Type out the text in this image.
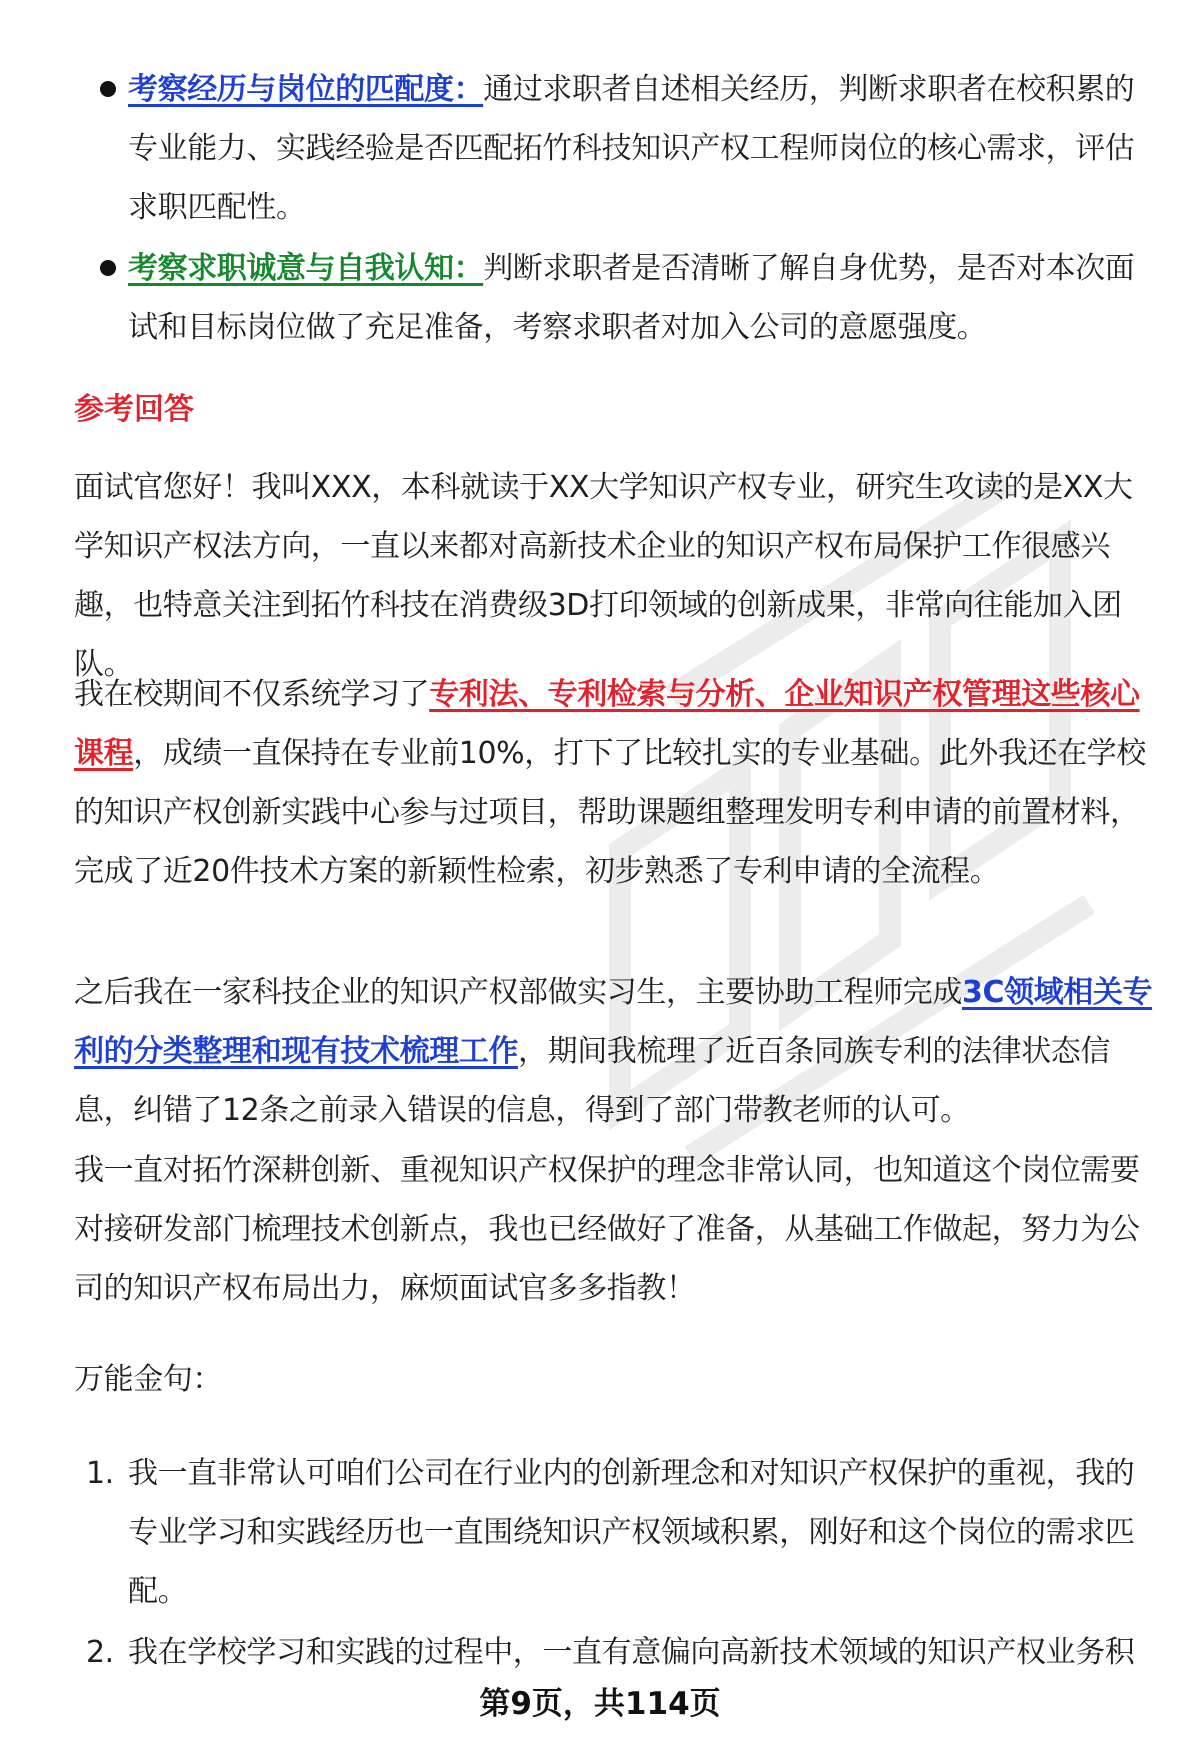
考察经历与岗位的匹配度：通过求职者自述相关经历，判断求职者在校积累的专业能力、实践经验是否匹配拓竹科技知识产权工程师岗位的核心需求，评估求职匹配性。
考察求职诚意与自我认知：判断求职者是否清晰了解自身优势，是否对本次面试和目标岗位做了充足准备，考察求职者对加入公司的意愿强度。
参考回答

面试官您好！我叫XXX，本科就读于XX大学知识产权专业，研究生攻读的是XX大学知识产权法方向，一直以来都对高新技术企业的知识产权布局保护工作很感兴趣，也特意关注到拓竹科技在消费级3D打印领域的创新成果，非常向往能加入团队。

我在校期间不仅系统学习了专利法、专利检索与分析、企业知识产权管理这些核心课程，成绩一直保持在专业前10%，打下了比较扎实的专业基础。此外我还在学校的知识产权创新实践中心参与过项目，帮助课题组整理发明专利申请的前置材料，完成了近20件技术方案的新颖性检索，初步熟悉了专利申请的全流程。

之后我在一家科技企业的知识产权部做实习生，主要协助工程师完成3C领域相关专利的分类整理和现有技术梳理工作，期间我梳理了近百条同族专利的法律状态信息，纠错了12条之前录入错误的信息，得到了部门带教老师的认可。

我一直对拓竹深耕创新、重视知识产权保护的理念非常认同，也知道这个岗位需要对接研发部门梳理技术创新点，我也已经做好了准备，从基础工作做起，努力为公司的知识产权布局出力，麻烦面试官多多指教！

万能金句：

1. 我一直非常认可咱们公司在行业内的创新理念和对知识产权保护的重视，我的专业学习和实践经历也一直围绕知识产权领域积累，刚好和这个岗位的需求匹配。
2. 我在学校学习和实践的过程中，一直有意偏向高新技术领域的知识产权业务积
第9页，共114页
